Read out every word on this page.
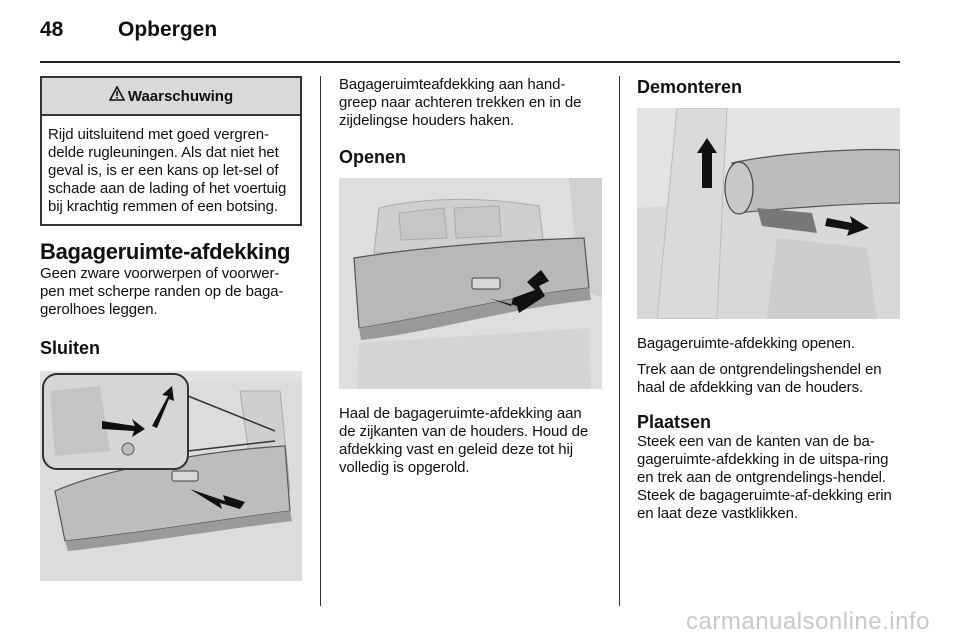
48	Opbergen
Waarschuwing

Rijd uitsluitend met goed vergren-delde rugleuningen. Als dat niet het geval is, is er een kans op let-sel of schade aan de lading of het voertuig bij krachtig remmen of een botsing.

Bagageruimte-afdekking

Geen zware voorwerpen of voorwer-pen met scherpe randen op de baga-gerolhoes leggen.

Sluiten

Bagageruimteafdekking aan hand-greep naar achteren trekken en in de zijdelingse houders haken.

Openen

Haal de bagageruimte-afdekking aan de zijkanten van de houders. Houd de afdekking vast en geleid deze tot hij volledig is opgerold.

Demonteren

Bagageruimte-afdekking openen.

Trek aan de ontgrendelingshendel en haal de afdekking van de houders.

Plaatsen

Steek een van de kanten van de ba-gageruimte-afdekking in de uitspa-ring en trek aan de ontgrendelings-hendel. Steek de bagageruimte-af-dekking erin en laat deze vastklikken.

carmanualsonline.info
